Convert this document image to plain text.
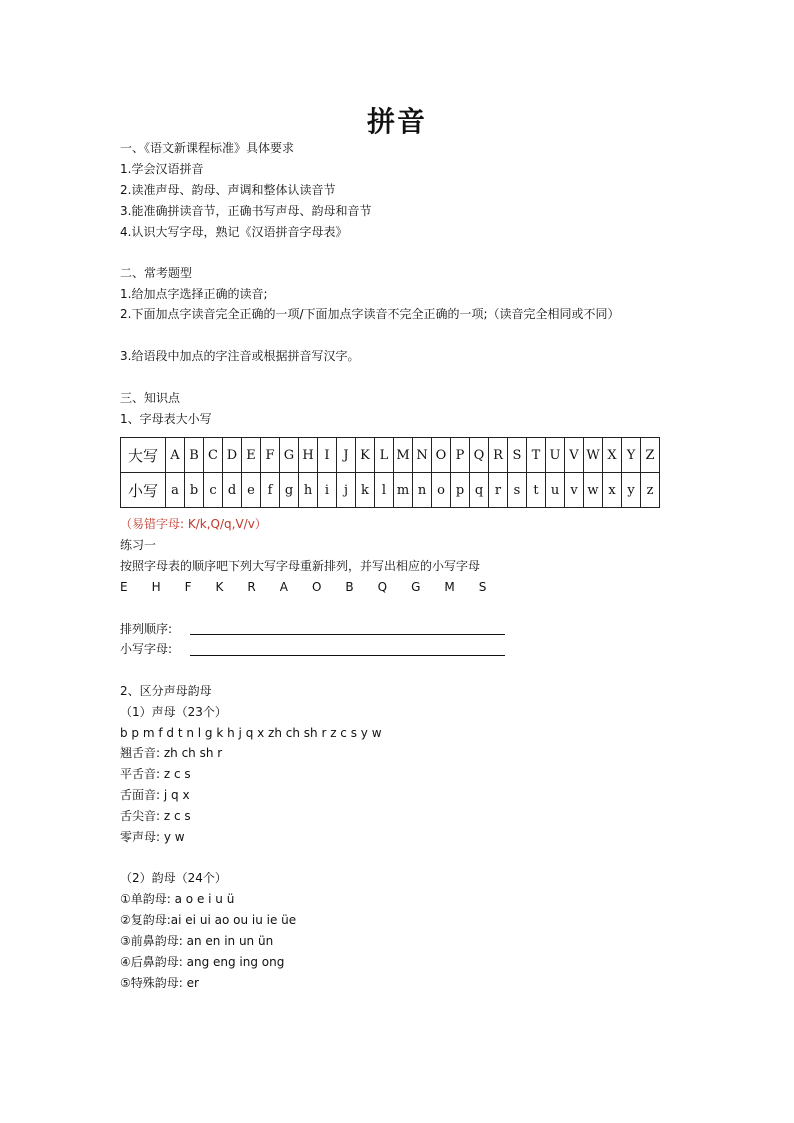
拼音
一、《语文新课程标准》具体要求
1.学会汉语拼音
2.读准声母、韵母、声调和整体认读音节
3.能准确拼读音节，正确书写声母、韵母和音节
4.认识大写字母，熟记《汉语拼音字母表》
二、常考题型
1.给加点字选择正确的读音;
2.下面加点字读音完全正确的一项/下面加点字读音不完全正确的一项;（读音完全相同或不同）
3.给语段中加点的字注音或根据拼音写汉字。
三、知识点
1、字母表大小写
大写	A	B	C	D	E	F	G	H	I	J	K	L	M	N	O	P	Q	R	S	T	U	V	W	X	Y	Z
小写	a	b	c	d	e	f	g	h	i	j	k	l	m	n	o	p	q	r	s	t	u	v	w	x	y	z
（易错字母: K/k,Q/q,V/v）
练习一
按照字母表的顺序吧下列大写字母重新排列，并写出相应的小写字母
E H F K R A O B Q G M S
排列顺序:
小写字母:
2、区分声母韵母
（1）声母（23个）
b p m f d t n l g k h j q x zh ch sh r z c s y w
翘舌音: zh ch sh r
平舌音: z c s
舌面音: j q x
舌尖音: z c s
零声母: y w
（2）韵母（24个）
①单韵母: a o e i u ü
②复韵母:ai ei ui ao ou iu ie üe
③前鼻韵母: an en in un ün
④后鼻韵母: ang eng ing ong
⑤特殊韵母: er
